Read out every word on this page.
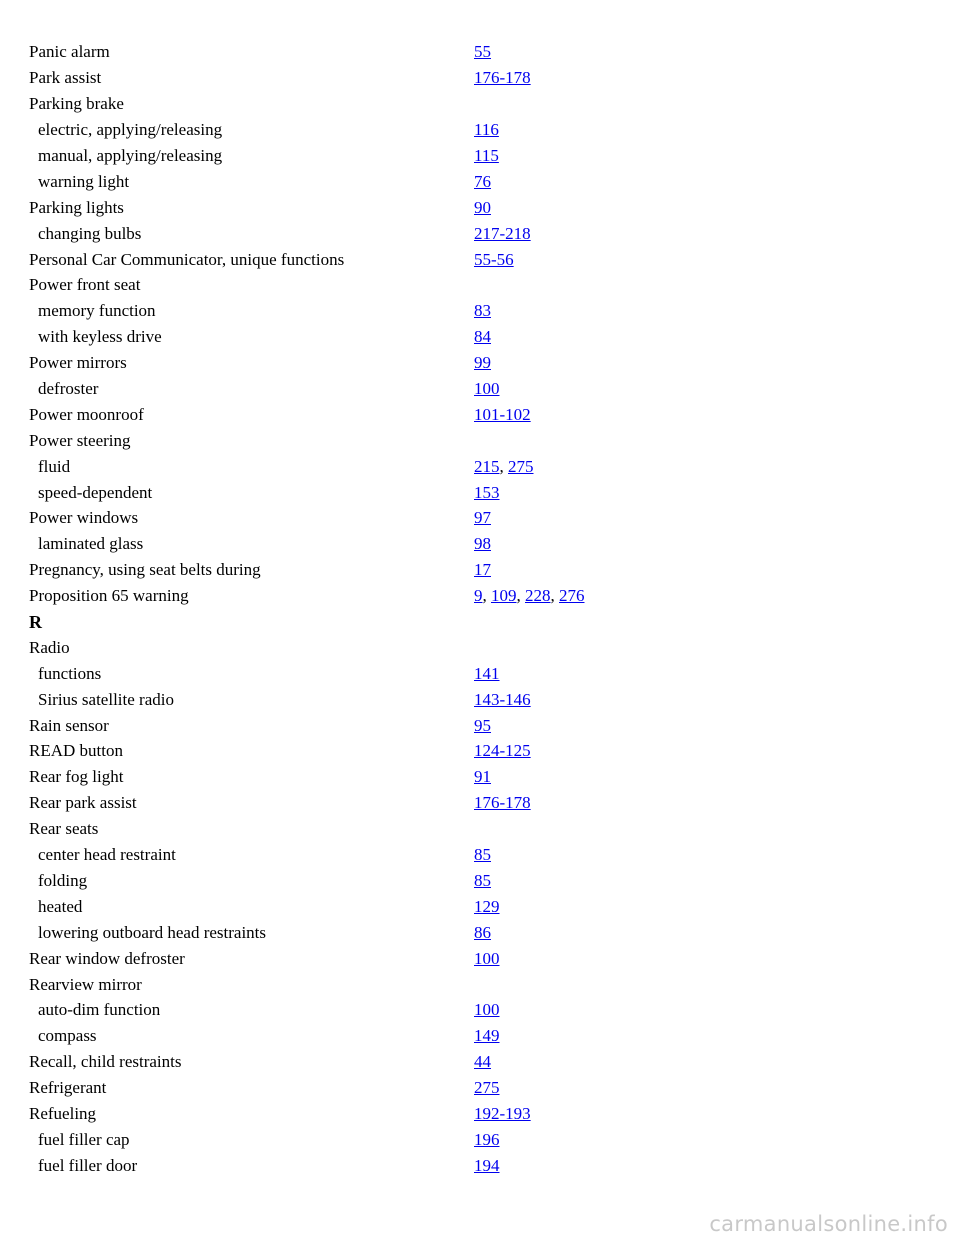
Panic alarm	55
Park assist	176-178
Parking brake
electric, applying/releasing	116
manual, applying/releasing	115
warning light	76
Parking lights	90
changing bulbs	217-218
Personal Car Communicator, unique functions	55-56
Power front seat
memory function	83
with keyless drive	84
Power mirrors	99
defroster	100
Power moonroof	101-102
Power steering
fluid	215, 275
speed-dependent	153
Power windows	97
laminated glass	98
Pregnancy, using seat belts during	17
Proposition 65 warning	9, 109, 228, 276
R
Radio
functions	141
Sirius satellite radio	143-146
Rain sensor	95
READ button	124-125
Rear fog light	91
Rear park assist	176-178
Rear seats
center head restraint	85
folding	85
heated	129
lowering outboard head restraints	86
Rear window defroster	100
Rearview mirror
auto-dim function	100
compass	149
Recall, child restraints	44
Refrigerant	275
Refueling	192-193
fuel filler cap	196
fuel filler door	194
carmanualsonline.info
